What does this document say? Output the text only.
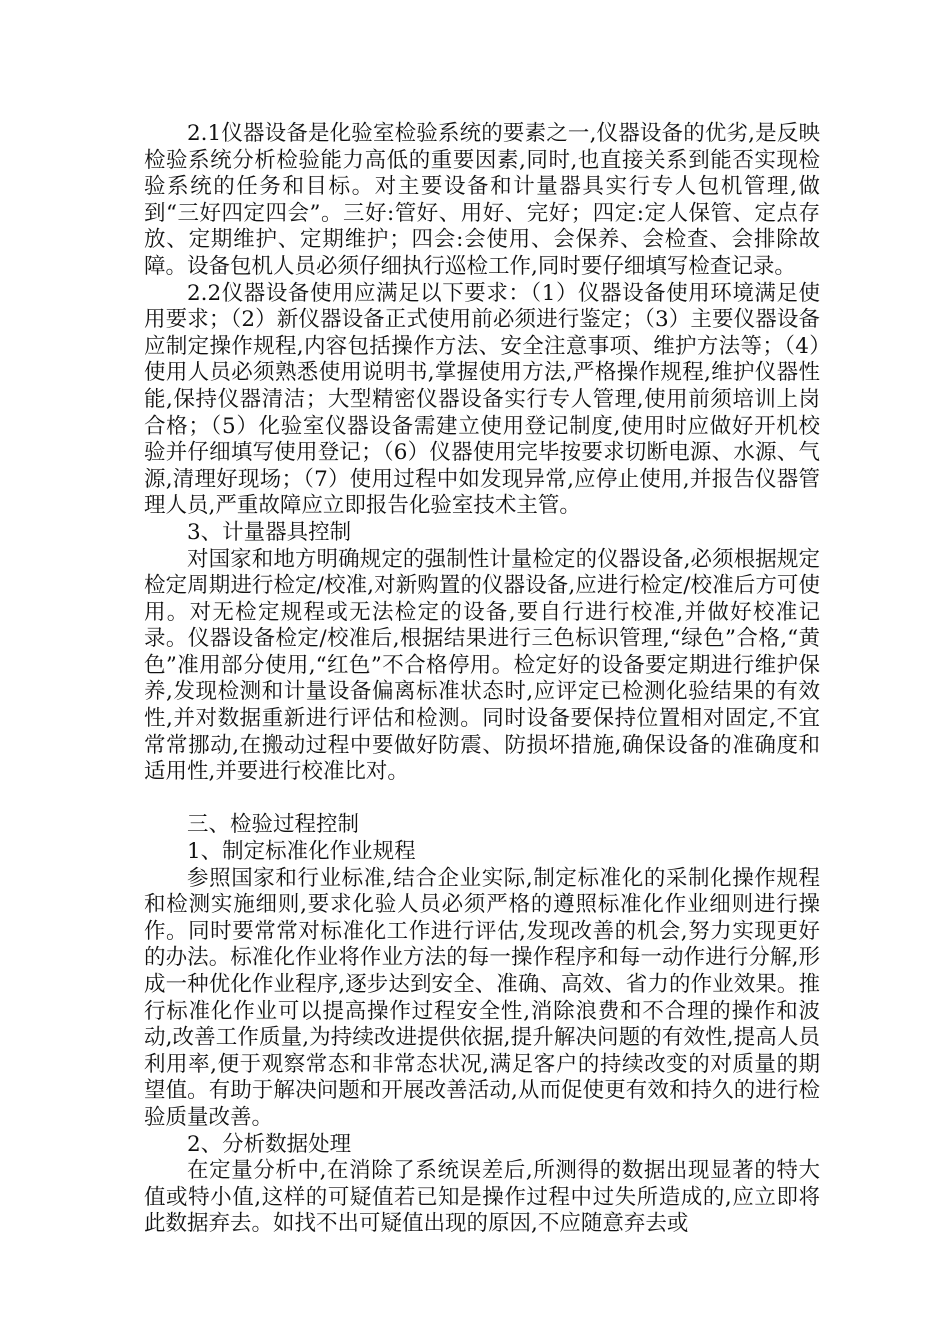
2.1仪器设备是化验室检验系统的要素之一,仪器设备的优劣,是反映检验系统分析检验能力高低的重要因素,同时,也直接关系到能否实现检验系统的任务和目标。对主要设备和计量器具实行专人包机管理,做到“三好四定四会”。三好:管好、用好、完好；四定:定人保管、定点存放、定期维护、定期维护；四会:会使用、会保养、会检查、会排除故障。设备包机人员必须仔细执行巡检工作,同时要仔细填写检查记录。

2.2仪器设备使用应满足以下要求：（1）仪器设备使用环境满足使用要求；（2）新仪器设备正式使用前必须进行鉴定；（3）主要仪器设备应制定操作规程,内容包括操作方法、安全注意事项、维护方法等；（4）使用人员必须熟悉使用说明书,掌握使用方法,严格操作规程,维护仪器性能,保持仪器清洁；大型精密仪器设备实行专人管理,使用前须培训上岗合格；（5）化验室仪器设备需建立使用登记制度,使用时应做好开机校验并仔细填写使用登记；（6）仪器使用完毕按要求切断电源、水源、气源,清理好现场；（7）使用过程中如发现异常,应停止使用,并报告仪器管理人员,严重故障应立即报告化验室技术主管。

3、计量器具控制

对国家和地方明确规定的强制性计量检定的仪器设备,必须根据规定检定周期进行检定/校准,对新购置的仪器设备,应进行检定/校准后方可使用。对无检定规程或无法检定的设备,要自行进行校准,并做好校准记录。仪器设备检定/校准后,根据结果进行三色标识管理,“绿色”合格,“黄色”准用部分使用,“红色”不合格停用。检定好的设备要定期进行维护保养,发现检测和计量设备偏离标准状态时,应评定已检测化验结果的有效性,并对数据重新进行评估和检测。同时设备要保持位置相对固定,不宜常常挪动,在搬动过程中要做好防震、防损坏措施,确保设备的准确度和适用性,并要进行校准比对。

三、检验过程控制

1、制定标准化作业规程

参照国家和行业标准,结合企业实际,制定标准化的采制化操作规程和检测实施细则,要求化验人员必须严格的遵照标准化作业细则进行操作。同时要常常对标准化工作进行评估,发现改善的机会,努力实现更好的办法。标准化作业将作业方法的每一操作程序和每一动作进行分解,形成一种优化作业程序,逐步达到安全、准确、高效、省力的作业效果。推行标准化作业可以提高操作过程安全性,消除浪费和不合理的操作和波动,改善工作质量,为持续改进提供依据,提升解决问题的有效性,提高人员利用率,便于观察常态和非常态状况,满足客户的持续改变的对质量的期望值。有助于解决问题和开展改善活动,从而促使更有效和持久的进行检验质量改善。

2、分析数据处理

在定量分析中,在消除了系统误差后,所测得的数据出现显著的特大值或特小值,这样的可疑值若已知是操作过程中过失所造成的,应立即将此数据弃去。如找不出可疑值出现的原因,不应随意弃去或
